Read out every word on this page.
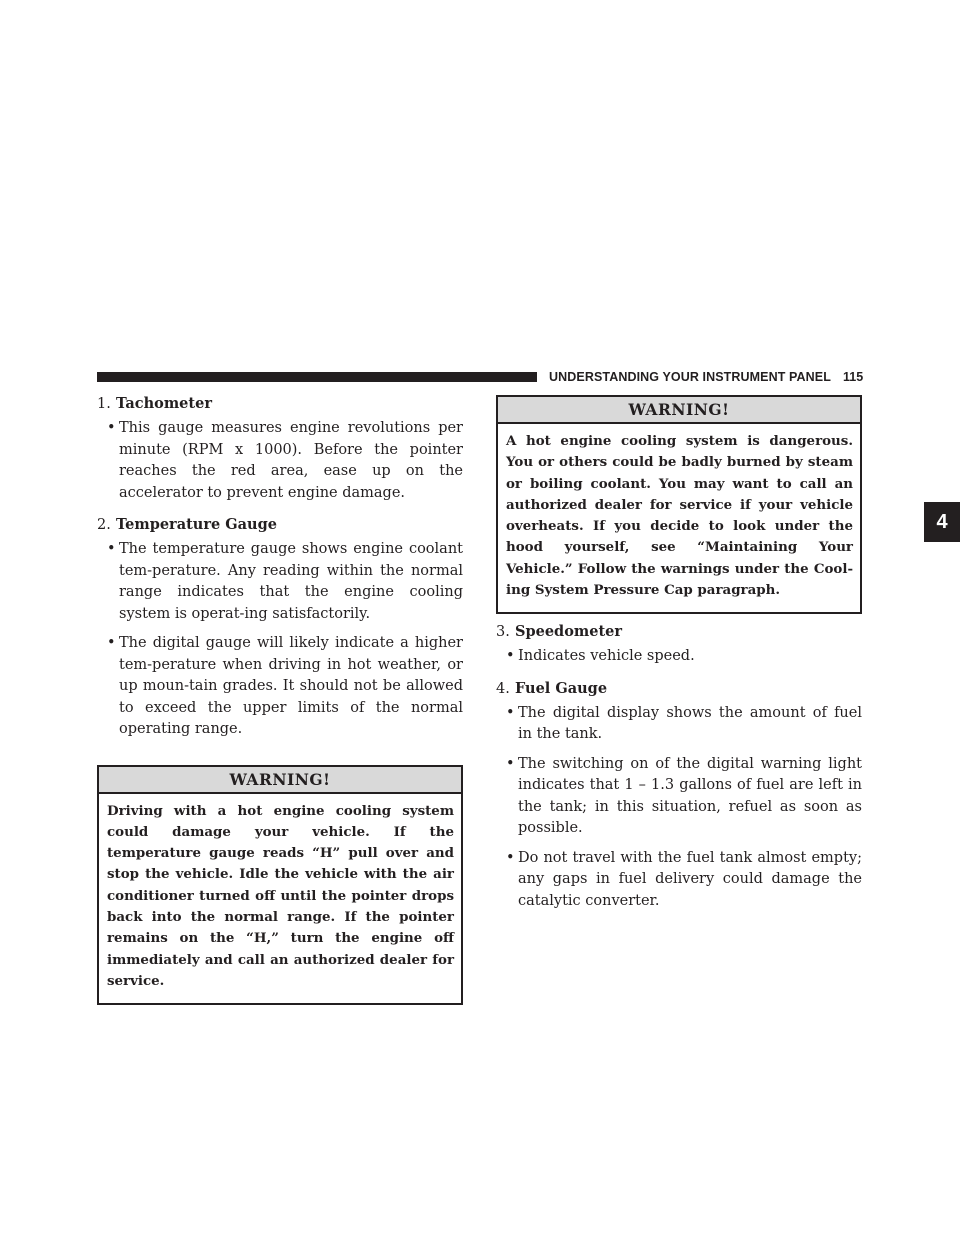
UNDERSTANDING YOUR INSTRUMENT PANEL 115
4
1. Tachometer
• This gauge measures engine revolutions per minute (RPM x 1000). Before the pointer reaches the red area, ease up on the accelerator to prevent engine damage.
2. Temperature Gauge
• The temperature gauge shows engine coolant tem-perature. Any reading within the normal range indicates that the engine cooling system is operat-ing satisfactorily.
• The digital gauge will likely indicate a higher tem-perature when driving in hot weather, or up moun-tain grades. It should not be allowed to exceed the upper limits of the normal operating range.
WARNING!
Driving with a hot engine cooling system could damage your vehicle. If the temperature gauge reads “H” pull over and stop the vehicle. Idle the vehicle with the air conditioner turned off until the pointer drops back into the normal range. If the pointer remains on the “H,” turn the engine off immediately and call an authorized dealer for service.
WARNING!
A hot engine cooling system is dangerous. You or others could be badly burned by steam or boiling coolant. You may want to call an authorized dealer for service if your vehicle overheats. If you decide to look under the hood yourself, see “Maintaining Your Vehicle.” Follow the warnings under the Cool-ing System Pressure Cap paragraph.
3. Speedometer
• Indicates vehicle speed.
4. Fuel Gauge
• The digital display shows the amount of fuel in the tank.
• The switching on of the digital warning light indicates that 1 – 1.3 gallons of fuel are left in the tank; in this situation, refuel as soon as possible.
• Do not travel with the fuel tank almost empty; any gaps in fuel delivery could damage the catalytic converter.
